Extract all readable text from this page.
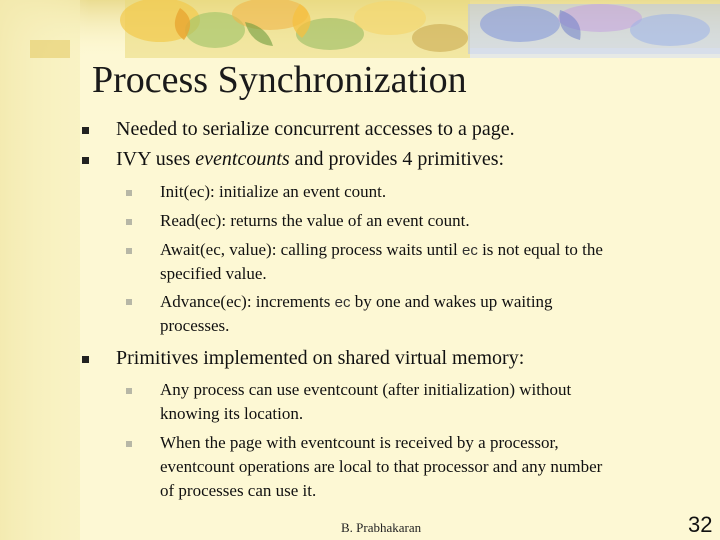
Process Synchronization
Needed to serialize concurrent accesses to a page.
IVY uses eventcounts and provides 4 primitives:
Init(ec): initialize an event count.
Read(ec): returns the value of an event count.
Await(ec, value): calling process waits until ec is not equal to the
specified value.
Advance(ec): increments ec by one and wakes up waiting
processes.
Primitives implemented on shared virtual memory:
Any process can use eventcount (after initialization) without
knowing its location.
When the page with eventcount is received by a processor,
eventcount operations are local to that processor and any number
of processes can use it.
B. Prabhakaran	32
